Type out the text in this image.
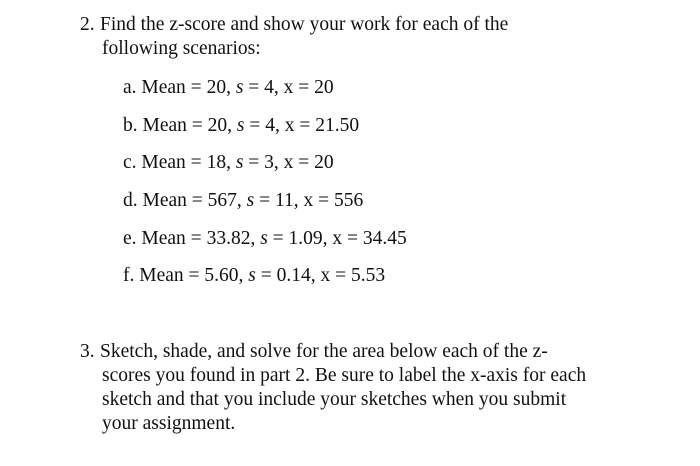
2. Find the z-score and show your work for each of the
following scenarios:
a. Mean = 20, s = 4, x = 20
b. Mean = 20, s = 4, x = 21.50
c. Mean = 18, s = 3, x = 20
d. Mean = 567, s = 11, x = 556
e. Mean = 33.82, s = 1.09, x = 34.45
f. Mean = 5.60, s = 0.14, x = 5.53
3. Sketch, shade, and solve for the area below each of the z-
scores you found in part 2. Be sure to label the x-axis for each
sketch and that you include your sketches when you submit
your assignment.
